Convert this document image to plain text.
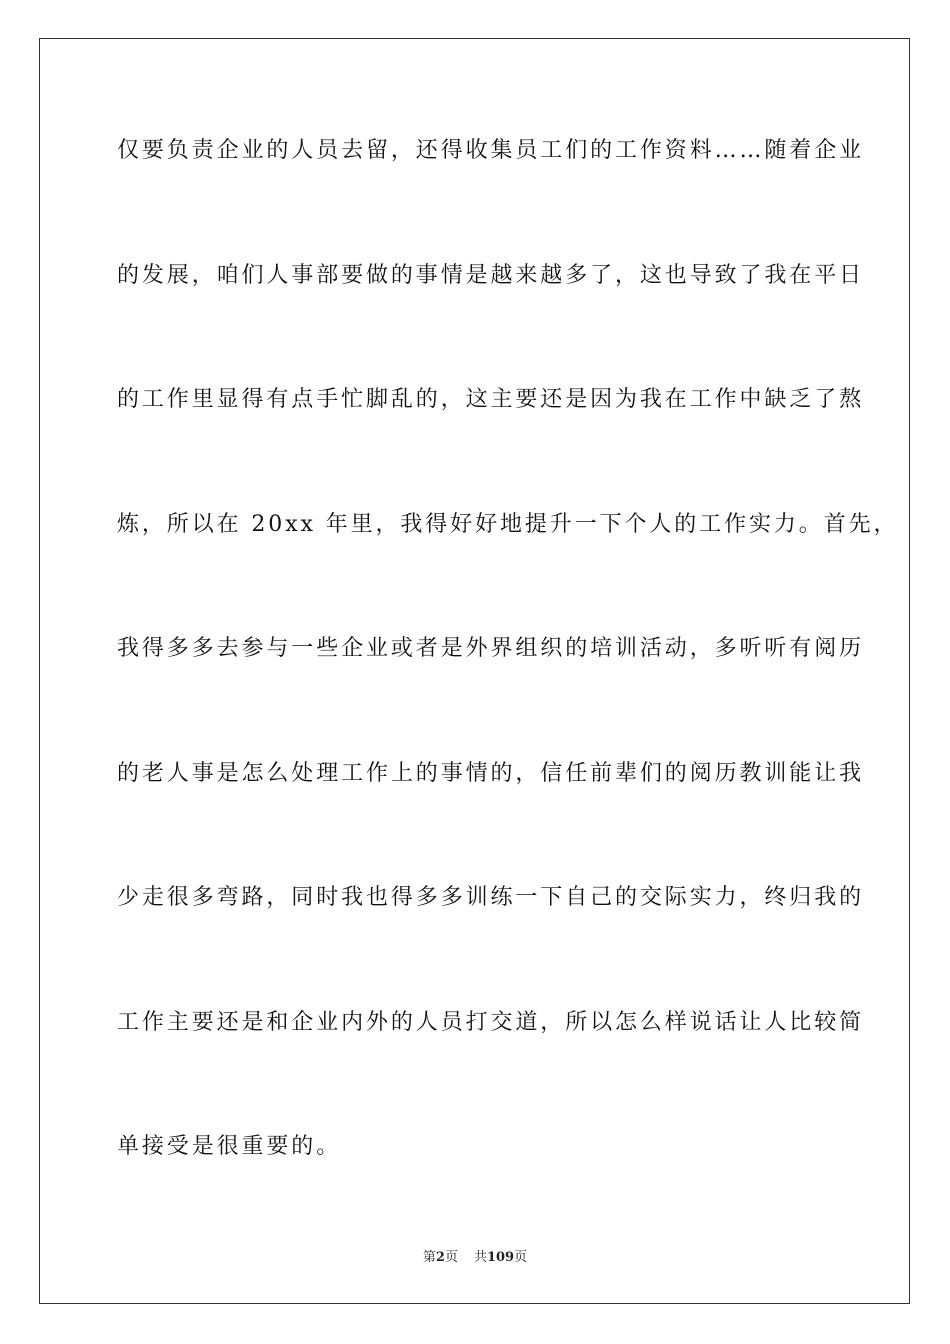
仅要负责企业的人员去留，还得收集员工们的工作资料……随着企业
的发展，咱们人事部要做的事情是越来越多了，这也导致了我在平日
的工作里显得有点手忙脚乱的，这主要还是因为我在工作中缺乏了熬
炼，所以在 20xx 年里，我得好好地提升一下个人的工作实力。首先，
我得多多去参与一些企业或者是外界组织的培训活动，多听听有阅历
的老人事是怎么处理工作上的事情的，信任前辈们的阅历教训能让我
少走很多弯路，同时我也得多多训练一下自己的交际实力，终归我的
工作主要还是和企业内外的人员打交道，所以怎么样说话让人比较简
单接受是很重要的。
第2页 共109页
